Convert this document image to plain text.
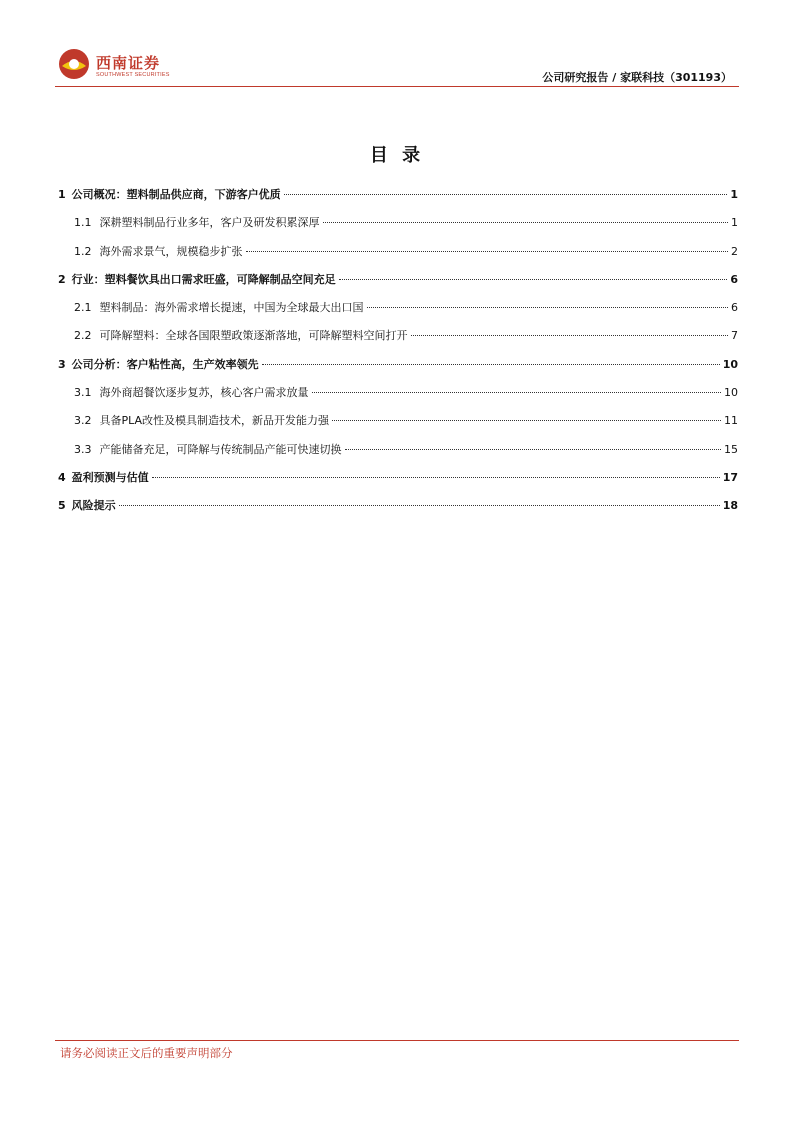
西南证券
SOUTHWEST SECURITIES	公司研究报告 / 家联科技（301193）
目 录
1 公司概况：塑料制品供应商，下游客户优质	1
1.1 深耕塑料制品行业多年，客户及研发积累深厚	1
1.2 海外需求景气，规模稳步扩张	2
2 行业：塑料餐饮具出口需求旺盛，可降解制品空间充足	6
2.1 塑料制品：海外需求增长提速，中国为全球最大出口国	6
2.2 可降解塑料：全球各国限塑政策逐渐落地，可降解塑料空间打开	7
3 公司分析：客户粘性高，生产效率领先	10
3.1 海外商超餐饮逐步复苏，核心客户需求放量	10
3.2 具备PLA改性及模具制造技术，新品开发能力强	11
3.3 产能储备充足，可降解与传统制品产能可快速切换	15
4 盈利预测与估值	17
5 风险提示	18
请务必阅读正文后的重要声明部分
